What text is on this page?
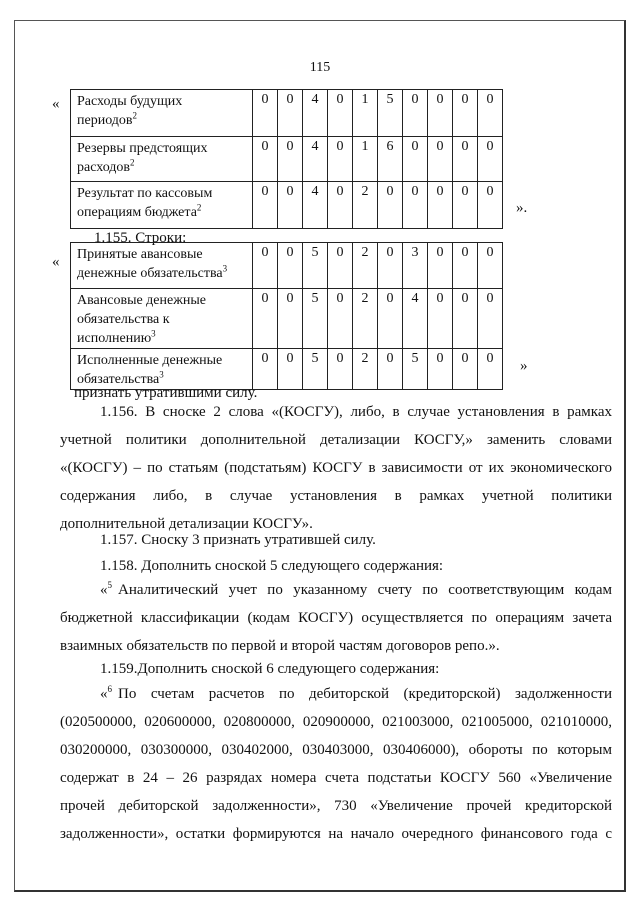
115
« Расходы будущих
периодов$^2$	0	0	4	0	1	5	0	0	0	0
Резервы предстоящих
расходов$^2$	0	0	4	0	1	6	0	0	0	0
Результат по кассовым
операциям бюджета$^2$	0	0	4	0	2	0	0	0	0	0
».
1.155. Строки:
« Принятые авансовые
денежные обязательства$^3$	0	0	5	0	2	0	3	0	0	0
Авансовые денежные
обязательства к
исполнению$^3$	0	0	5	0	2	0	4	0	0	0
Исполненные денежные
обязательства$^3$	0	0	5	0	2	0	5	0	0	0 »
признать утратившими силу.
1.156. В сноске 2 слова «(КОСГУ), либо, в случае установления в рамках
учетной политики дополнительной детализации КОСГУ,» заменить словами
«(КОСГУ) – по статьям (подстатьям) КОСГУ в зависимости от их экономического
содержания либо, в случае установления в рамках учетной политики
дополнительной детализации КОСГУ».
1.157. Сноску 3 признать утратившей силу.
1.158. Дополнить сноской 5 следующего содержания:
«$^5$ Аналитический учет по указанному счету по соответствующим кодам
бюджетной классификации (кодам КОСГУ) осуществляется по операциям зачета
взаимных обязательств по первой и второй частям договоров репо.».
1.159.Дополнить сноской 6 следующего содержания:
«$^6$ По счетам расчетов по дебиторской (кредиторской) задолженности
(020500000, 020600000, 020800000, 020900000, 021003000, 021005000, 021010000,
030200000, 030300000, 030402000, 030403000, 030406000), обороты по которым
содержат в 24 – 26 разрядах номера счета подстатьи КОСГУ 560 «Увеличение
прочей дебиторской задолженности», 730 «Увеличение прочей кредиторской
задолженности», остатки формируются на начало очередного финансового года с
